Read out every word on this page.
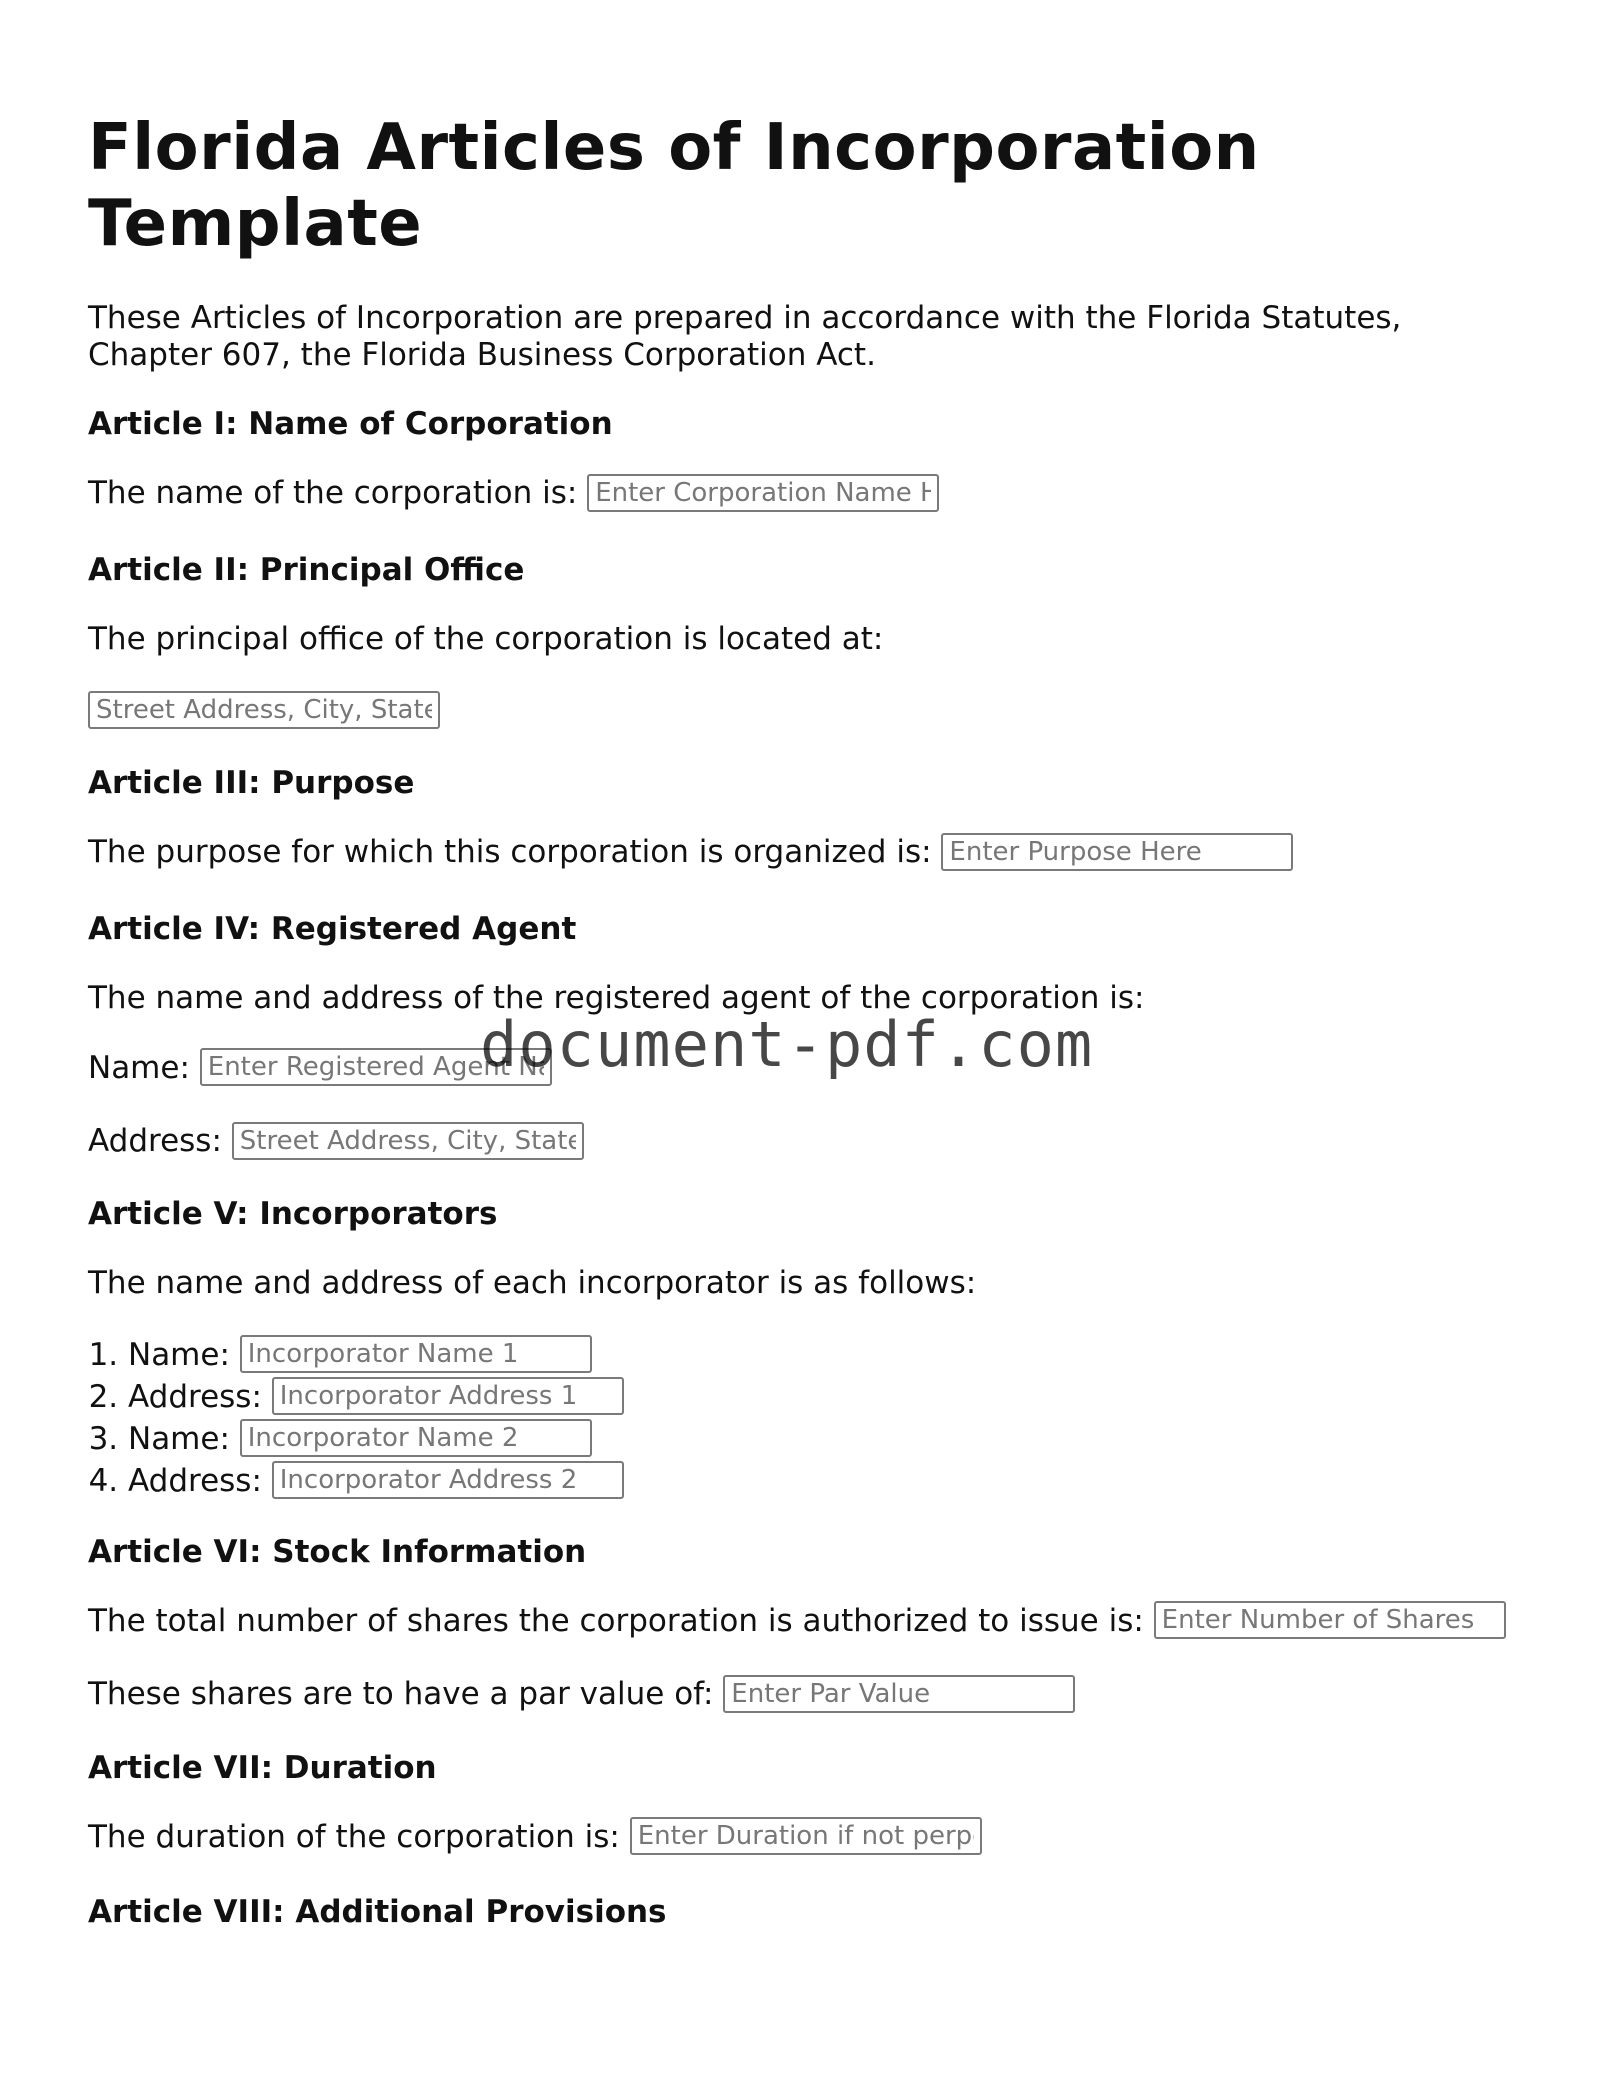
Florida Articles of Incorporation Template

These Articles of Incorporation are prepared in accordance with the Florida Statutes, Chapter 607, the Florida Business Corporation Act.

Article I: Name of Corporation

The name of the corporation is: Enter Corporation Name Here

Article II: Principal Office

The principal office of the corporation is located at:

Street Address, City, State

Article III: Purpose

The purpose for which this corporation is organized is: Enter Purpose Here

Article IV: Registered Agent

The name and address of the registered agent of the corporation is:

Name: Enter Registered Agent Name

Address: Street Address, City, State

Article V: Incorporators

The name and address of each incorporator is as follows:

1. Name: Incorporator Name 1
2. Address: Incorporator Address 1
3. Name: Incorporator Name 2
4. Address: Incorporator Address 2
Article VI: Stock Information

The total number of shares the corporation is authorized to issue is: Enter Number of Shares

These shares are to have a par value of: Enter Par Value

Article VII: Duration

The duration of the corporation is: Enter Duration if not perpetual

Article VIII: Additional Provisions
document-pdf.com
